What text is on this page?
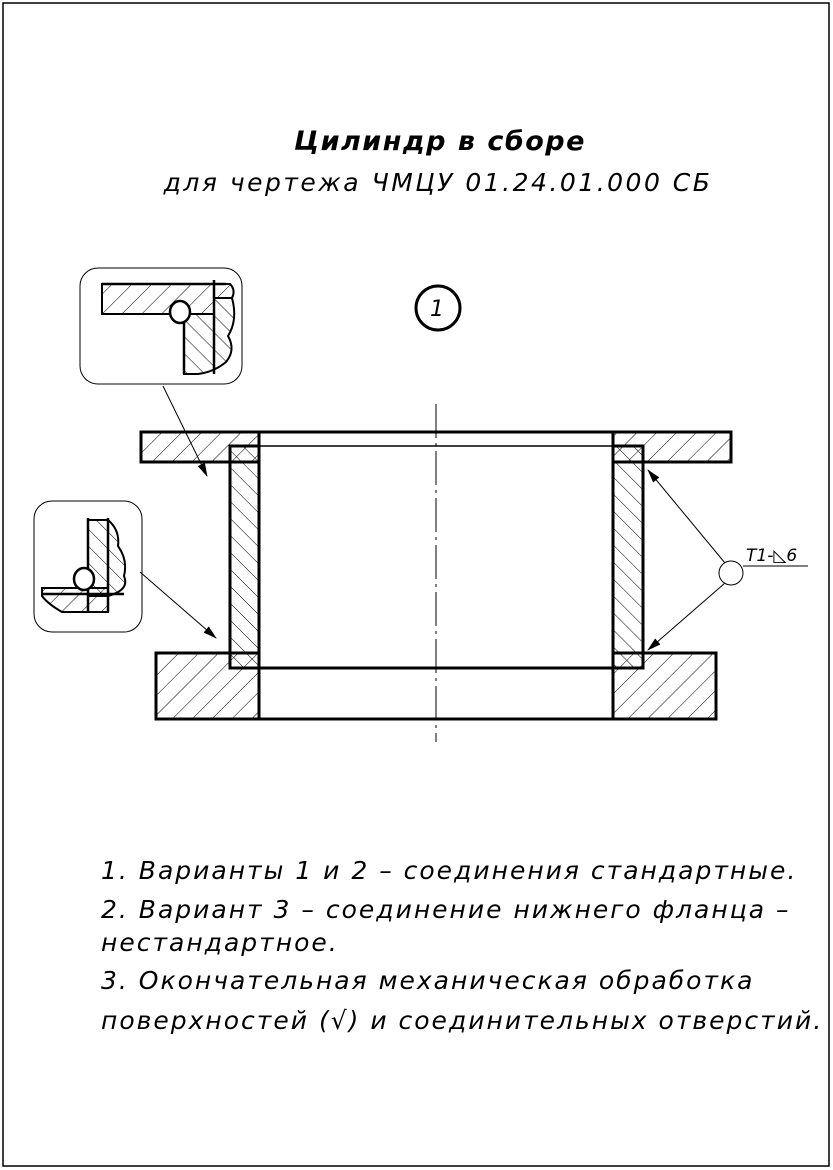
Цилиндр в сборе
для чертежа ЧМЦУ 01.24.01.000 СБ
1
Т1-◺6
1. Варианты 1 и 2 – соединения стандартные.
2. Вариант 3 – соединение нижнего фланца –
нестандартное.
3. Окончательная механическая обработка
поверхностей (√) и соединительных отверстий.
